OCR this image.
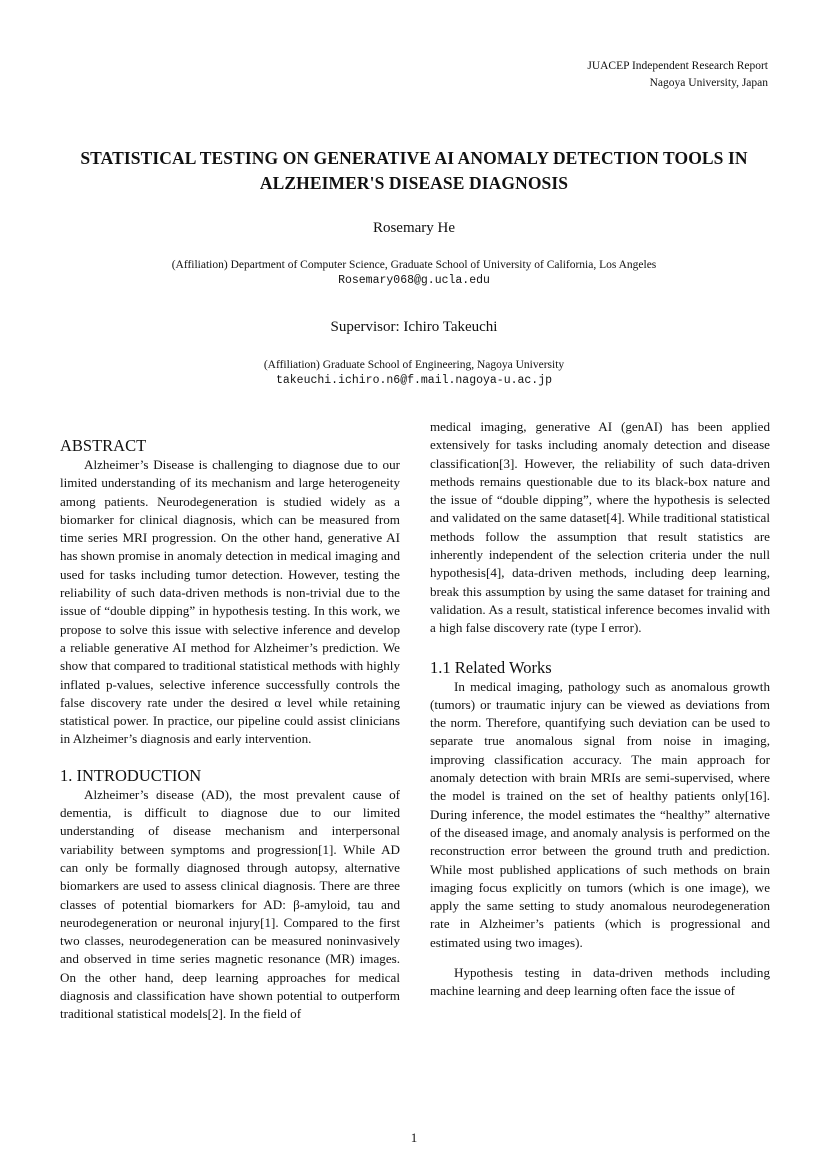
JUACEP Independent Research Report
Nagoya University, Japan
STATISTICAL TESTING ON GENERATIVE AI ANOMALY DETECTION TOOLS IN
ALZHEIMER'S DISEASE DIAGNOSIS
Rosemary He
(Affiliation) Department of Computer Science, Graduate School of University of California, Los Angeles
Rosemary068@g.ucla.edu
Supervisor: Ichiro Takeuchi
(Affiliation) Graduate School of Engineering, Nagoya University
takeuchi.ichiro.n6@f.mail.nagoya-u.ac.jp
ABSTRACT

Alzheimer’s Disease is challenging to diagnose due to our limited understanding of its mechanism and large heterogeneity among patients. Neurodegeneration is studied widely as a biomarker for clinical diagnosis, which can be measured from time series MRI progression. On the other hand, generative AI has shown promise in anomaly detection in medical imaging and used for tasks including tumor detection. However, testing the reliability of such data-driven methods is non-trivial due to the issue of “double dipping” in hypothesis testing. In this work, we propose to solve this issue with selective inference and develop a reliable generative AI method for Alzheimer’s prediction. We show that compared to traditional statistical methods with highly inflated p-values, selective inference successfully controls the false discovery rate under the desired α level while retaining statistical power. In practice, our pipeline could assist clinicians in Alzheimer’s diagnosis and early intervention.

1. INTRODUCTION

Alzheimer’s disease (AD), the most prevalent cause of dementia, is difficult to diagnose due to our limited understanding of disease mechanism and interpersonal variability between symptoms and progression[1]. While AD can only be formally diagnosed through autopsy, alternative biomarkers are used to assess clinical diagnosis. There are three classes of potential biomarkers for AD: β-amyloid, tau and neurodegeneration or neuronal injury[1]. Compared to the first two classes, neurodegeneration can be measured noninvasively and observed in time series magnetic resonance (MR) images. On the other hand, deep learning approaches for medical diagnosis and classification have shown potential to outperform traditional statistical models[2]. In the field of

medical imaging, generative AI (genAI) has been applied extensively for tasks including anomaly detection and disease classification[3]. However, the reliability of such data-driven methods remains questionable due to its black-box nature and the issue of “double dipping”, where the hypothesis is selected and validated on the same dataset[4]. While traditional statistical methods follow the assumption that result statistics are inherently independent of the selection criteria under the null hypothesis[4], data-driven methods, including deep learning, break this assumption by using the same dataset for training and validation. As a result, statistical inference becomes invalid with a high false discovery rate (type I error).

1.1 Related Works

In medical imaging, pathology such as anomalous growth (tumors) or traumatic injury can be viewed as deviations from the norm. Therefore, quantifying such deviation can be used to separate true anomalous signal from noise in imaging, improving classification accuracy. The main approach for anomaly detection with brain MRIs are semi-supervised, where the model is trained on the set of healthy patients only[16]. During inference, the model estimates the “healthy” alternative of the diseased image, and anomaly analysis is performed on the reconstruction error between the ground truth and prediction. While most published applications of such methods on brain imaging focus explicitly on tumors (which is one image), we apply the same setting to study anomalous neurodegeneration rate in Alzheimer’s patients (which is progressional and estimated using two images).

Hypothesis testing in data-driven methods including machine learning and deep learning often face the issue of

1
